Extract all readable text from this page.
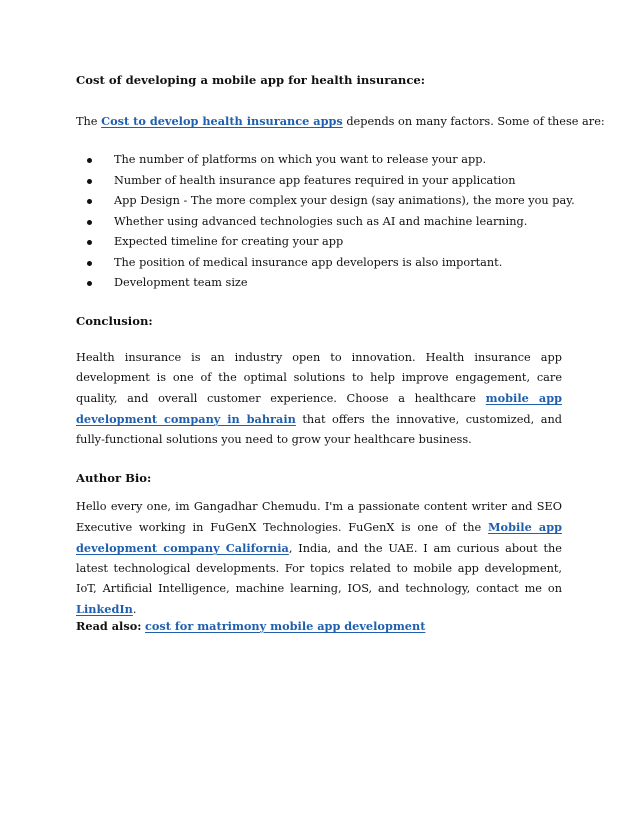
Cost of developing a mobile app for health insurance:
The Cost to develop health insurance apps depends on many factors. Some of these are:
The number of platforms on which you want to release your app.
Number of health insurance app features required in your application
App Design - The more complex your design (say animations), the more you pay.
Whether using advanced technologies such as AI and machine learning.
Expected timeline for creating your app
The position of medical insurance app developers is also important.
Development team size
Conclusion:
Health insurance is an industry open to innovation. Health insurance app development is one of the optimal solutions to help improve engagement, care quality, and overall customer experience. Choose a healthcare mobile app development company in bahrain that offers the innovative, customized, and fully-functional solutions you need to grow your healthcare business.
Author Bio:
Hello every one, im Gangadhar Chemudu. I'm a passionate content writer and SEO Executive working in FuGenX Technologies. FuGenX is one of the Mobile app development company California, India, and the UAE. I am curious about the latest technological developments. For topics related to mobile app development, IoT, Artificial Intelligence, machine learning, IOS, and technology, contact me on LinkedIn.
Read also: cost for matrimony mobile app development
